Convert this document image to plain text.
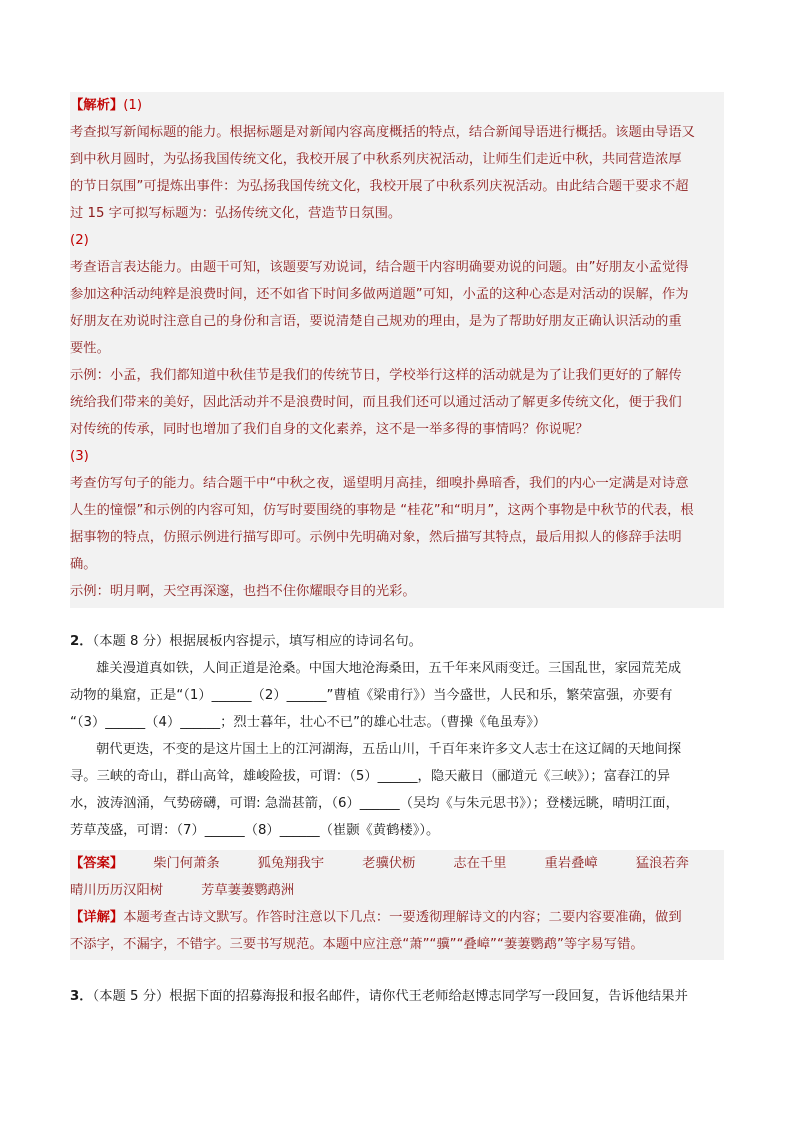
【解析】(1)
考查拟写新闻标题的能力。根据标题是对新闻内容高度概括的特点，结合新闻导语进行概括。该题由导语又
到中秋月圆时，为弘扬我国传统文化，我校开展了中秋系列庆祝活动，让师生们走近中秋，共同营造浓厚
的节日氛围”可提炼出事件：为弘扬我国传统文化，我校开展了中秋系列庆祝活动。由此结合题干要求不超
过 15 字可拟写标题为：弘扬传统文化，营造节日氛围。
(2)
考查语言表达能力。由题干可知，该题要写劝说词，结合题干内容明确要劝说的问题。由”好朋友小孟觉得
参加这种活动纯粹是浪费时间，还不如省下时间多做两道题”可知，小孟的这种心态是对活动的误解，作为
好朋友在劝说时注意自己的身份和言语，要说清楚自己规劝的理由，是为了帮助好朋友正确认识活动的重
要性。
示例：小孟，我们都知道中秋佳节是我们的传统节日，学校举行这样的活动就是为了让我们更好的了解传
统给我们带来的美好，因此活动并不是浪费时间，而且我们还可以通过活动了解更多传统文化，便于我们
对传统的传承，同时也增加了我们自身的文化素养，这不是一举多得的事情吗？你说呢？
(3)
考查仿写句子的能力。结合题干中“中秋之夜，遥望明月高挂，细嗅扑鼻暗香，我们的内心一定满是对诗意
人生的憧憬”和示例的内容可知，仿写时要围绕的事物是 “桂花”和“明月”，这两个事物是中秋节的代表，根
据事物的特点，仿照示例进行描写即可。示例中先明确对象，然后描写其特点，最后用拟人的修辞手法明
确。
示例：明月啊，天空再深邃，也挡不住你耀眼夺目的光彩。
2．（本题 8 分）根据展板内容提示，填写相应的诗词名句。
雄关漫道真如铁，人间正道是沧桑。中国大地沧海桑田，五千年来风雨变迁。三国乱世，家园荒芜成
动物的巢窟，正是“（1）______（2）______”曹植《梁甫行》）当今盛世，人民和乐，繁荣富强，亦要有
“（3）______（4）______；烈士暮年，壮心不已”的雄心壮志。（曹操《龟虽寿》）
朝代更迭，不变的是这片国土上的江河湖海，五岳山川，千百年来许多文人志士在这辽阔的天地间探
寻。三峡的奇山，群山高耸，雄峻险拔，可谓：（5）______，隐天蔽日（郦道元《三峡》）；富春江的异
水，波涛汹涌，气势磅礴，可谓: 急湍甚箭，（6）______（吴均《与朱元思书》）；登楼远眺，晴明江面，
芳草茂盛，可谓：（7）______（8）______（崔颢《黄鹤楼》）。
【答案】 柴门何萧条	狐兔翔我宇	老骥伏枥	志在千里	重岩叠嶂	猛浪若奔
晴川历历汉阳树	芳草萋萋鹦鹉洲
【详解】本题考查古诗文默写。作答时注意以下几点：一要透彻理解诗文的内容；二要内容要准确，做到
不添字，不漏字，不错字。三要书写规范。本题中应注意“萧”“骥”“叠嶂”“萋萋鹦鹉”等字易写错。
3．（本题 5 分）根据下面的招募海报和报名邮件，请你代王老师给赵博志同学写一段回复，告诉他结果并
